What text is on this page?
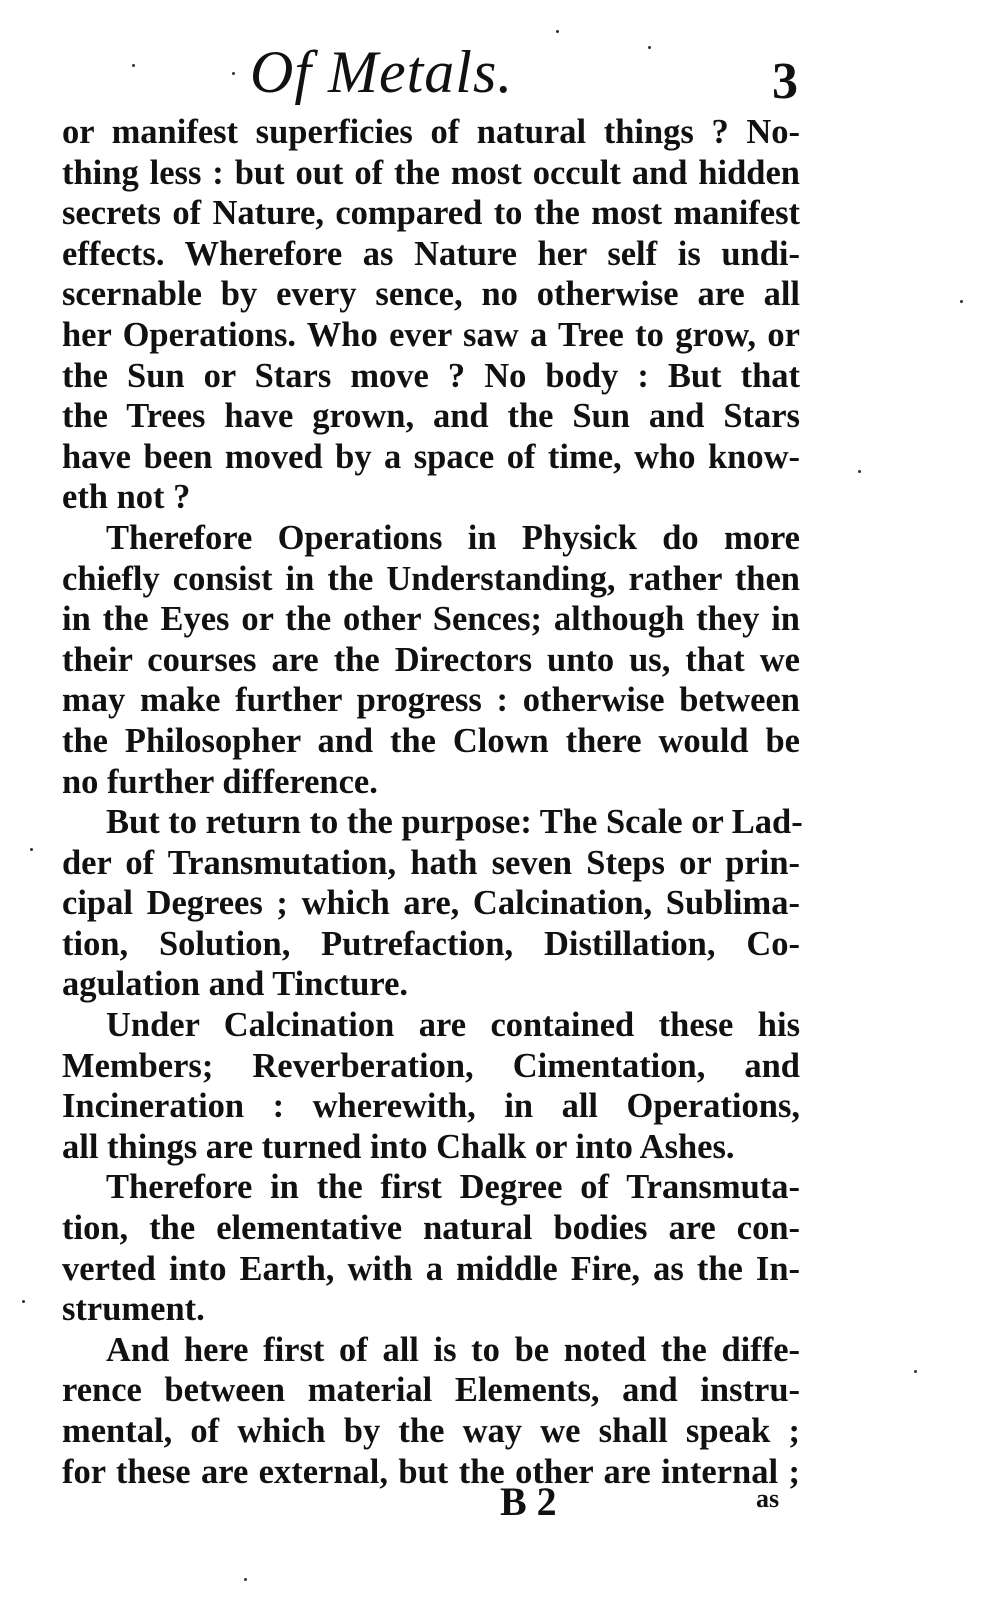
Of Metals.	3

or manifest superficies of natural things ? No-
thing less : but out of the most occult and hidden
secrets of Nature, compared to the most manifest
effects. Wherefore as Nature her self is undi-
scernable by every sence, no otherwise are all
her Operations. Who ever saw a Tree to grow, or
the Sun or Stars move ? No body : But that
the Trees have grown, and the Sun and Stars
have been moved by a space of time, who know-
eth not ?

Therefore Operations in Physick do more
chiefly consist in the Understanding, rather then
in the Eyes or the other Sences; although they in
their courses are the Directors unto us, that we
may make further progress : otherwise between
the Philosopher and the Clown there would be
no further difference.

But to return to the purpose: The Scale or Lad-
der of Transmutation, hath seven Steps or prin-
cipal Degrees ; which are, Calcination, Sublima-
tion, Solution, Putrefaction, Distillation, Co-
agulation and Tincture.

Under Calcination are contained these his
Members; Reverberation, Cimentation, and
Incineration : wherewith, in all Operations,
all things are turned into Chalk or into Ashes.

Therefore in the first Degree of Transmuta-
tion, the elementative natural bodies are con-
verted into Earth, with a middle Fire, as the In-
strument.

And here first of all is to be noted the diffe-
rence between material Elements, and instru-
mental, of which by the way we shall speak ;
for these are external, but the other are internal ;

B 2	as
